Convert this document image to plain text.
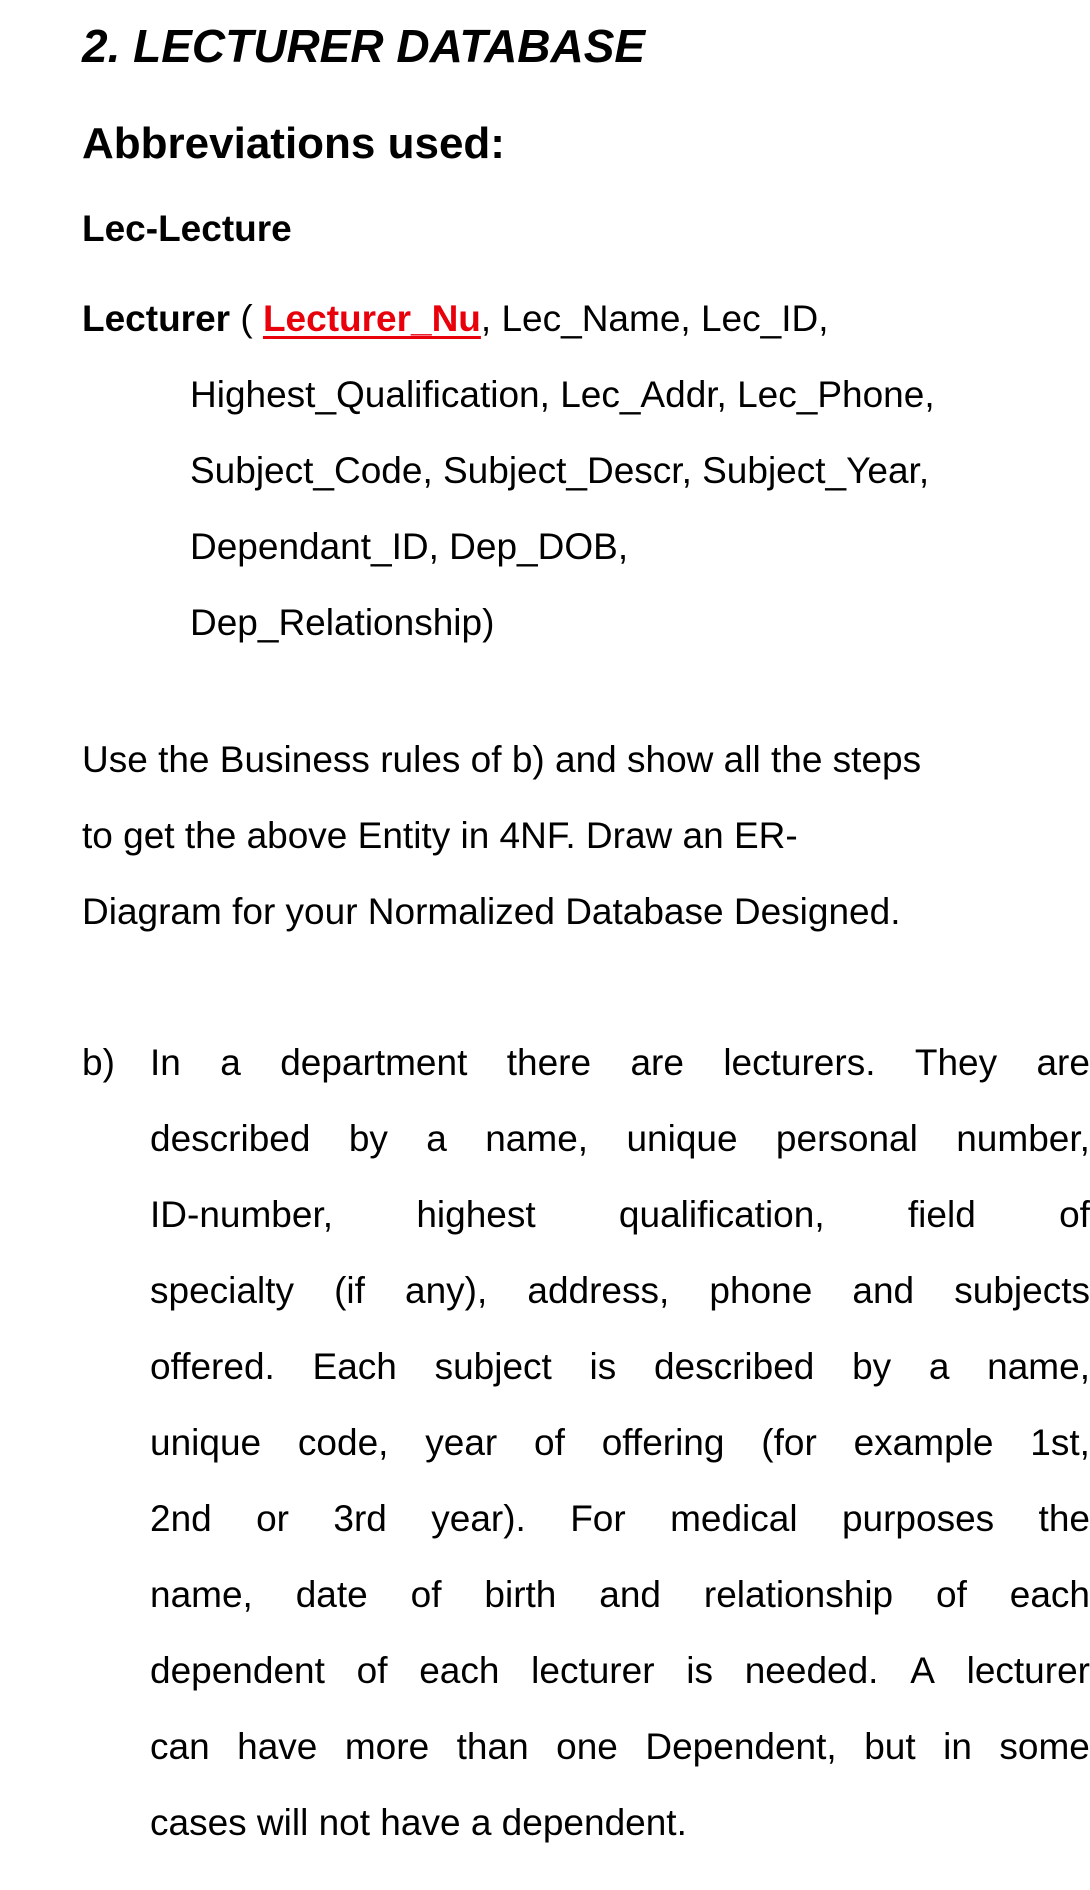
2. LECTURER DATABASE
Abbreviations used:

Lec-Lecture

Lecturer ( Lecturer_Nu, Lec_Name, Lec_ID,
Highest_Qualification, Lec_Addr, Lec_Phone,
Subject_Code, Subject_Descr, Subject_Year,
Dependant_ID, Dep_DOB,
Dep_Relationship)
Use the Business rules of b) and show all the steps
to get the above Entity in 4NF. Draw an ER-
Diagram for your Normalized Database Designed.
b) In a department there are lecturers. They are
described by a name, unique personal number,
ID-number, highest qualification, field of
specialty (if any), address, phone and subjects
offered. Each subject is described by a name,
unique code, year of offering (for example 1st,
2nd or 3rd year). For medical purposes the
name, date of birth and relationship of each
dependent of each lecturer is needed. A lecturer
can have more than one Dependent, but in some
cases will not have a dependent.
